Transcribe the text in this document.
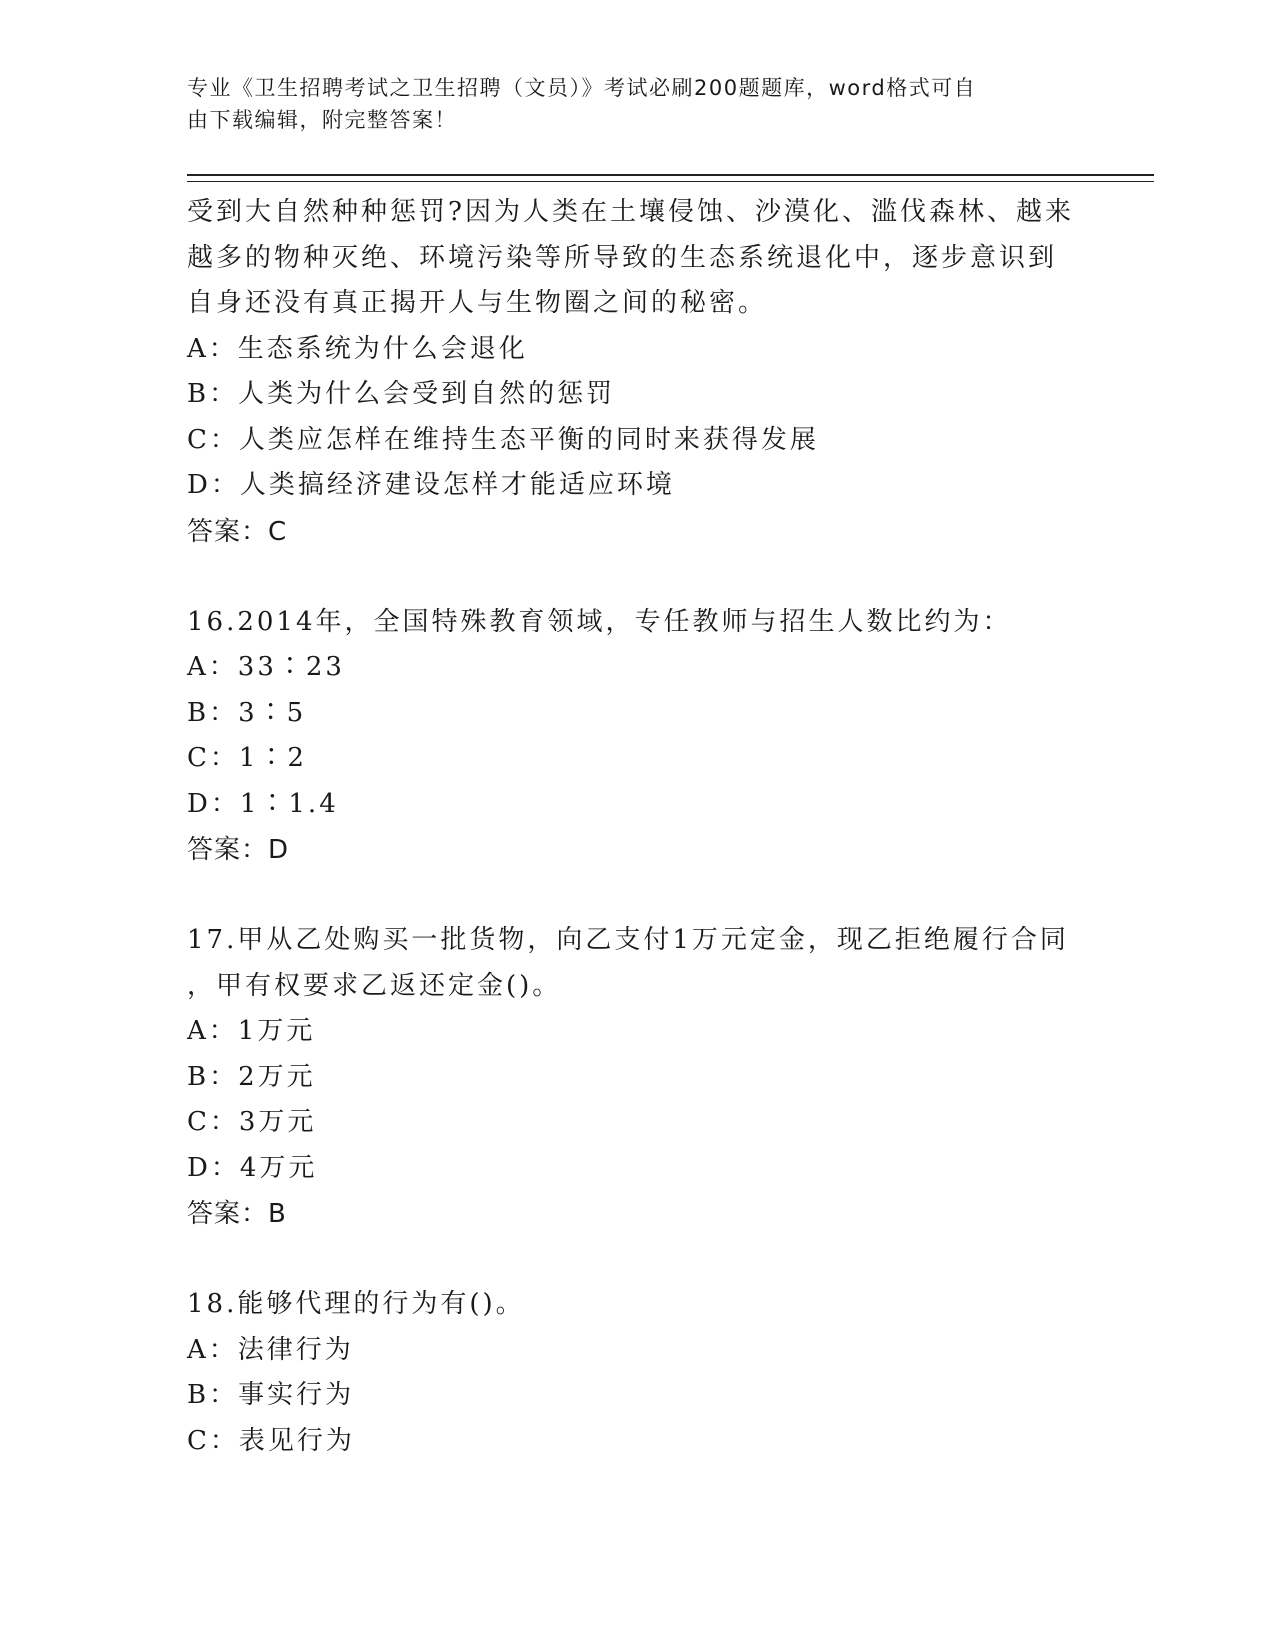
专业《卫生招聘考试之卫生招聘（文员）》考试必刷200题题库，word格式可自
由下载编辑，附完整答案！
受到大自然种种惩罚?因为人类在土壤侵蚀、沙漠化、滥伐森林、越来
越多的物种灭绝、环境污染等所导致的生态系统退化中，逐步意识到
自身还没有真正揭开人与生物圈之间的秘密。
A：生态系统为什么会退化
B：人类为什么会受到自然的惩罚
C：人类应怎样在维持生态平衡的同时来获得发展
D：人类搞经济建设怎样才能适应环境
答案：C
16.2014年，全国特殊教育领域，专任教师与招生人数比约为：
A：33∶23
B：3∶5
C：1∶2
D：1∶1.4
答案：D
17.甲从乙处购买一批货物，向乙支付1万元定金，现乙拒绝履行合同
，甲有权要求乙返还定金()。
A：1万元
B：2万元
C：3万元
D：4万元
答案：B
18.能够代理的行为有()。
A：法律行为
B：事实行为
C：表见行为
